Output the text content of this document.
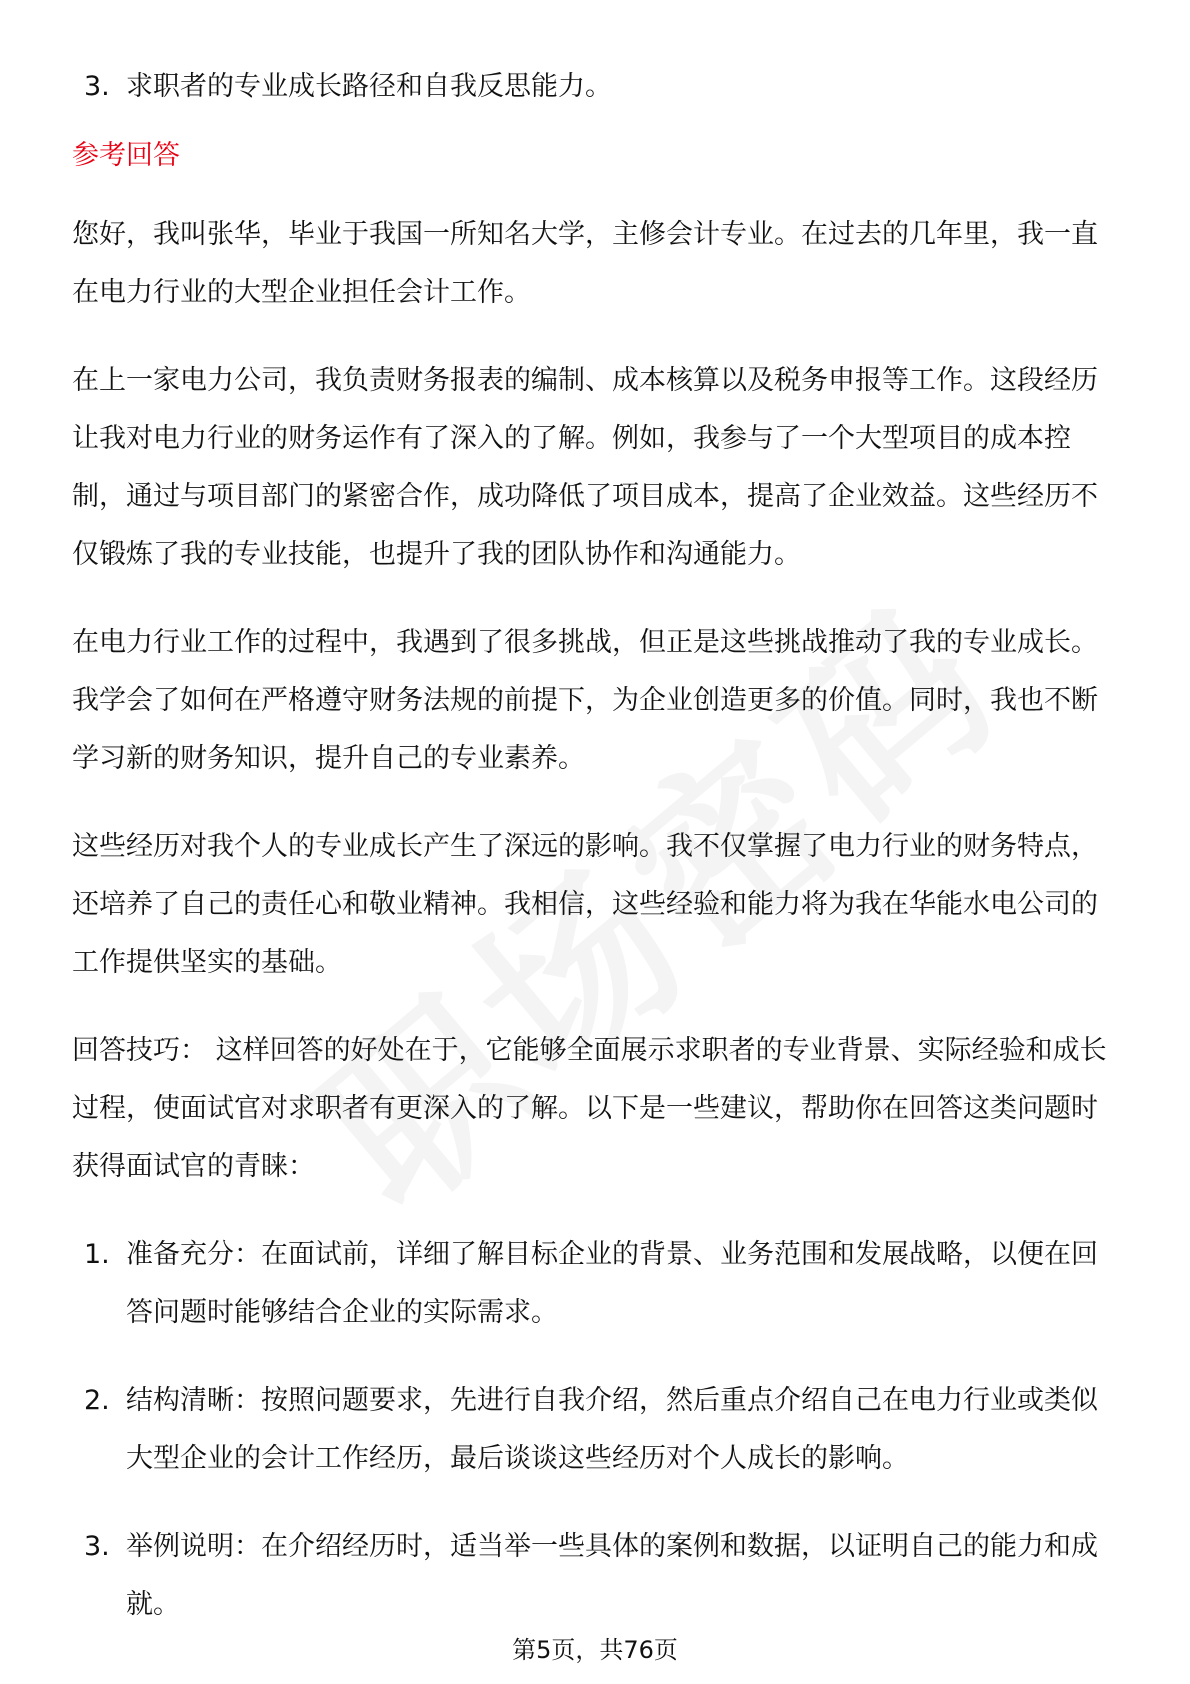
3. 求职者的专业成长路径和自我反思能力。
参考回答

您好，我叫张华，毕业于我国一所知名大学，主修会计专业。在过去的几年里，我一直在电力行业的大型企业担任会计工作。

在上一家电力公司，我负责财务报表的编制、成本核算以及税务申报等工作。这段经历让我对电力行业的财务运作有了深入的了解。例如，我参与了一个大型项目的成本控制，通过与项目部门的紧密合作，成功降低了项目成本，提高了企业效益。这些经历不仅锻炼了我的专业技能，也提升了我的团队协作和沟通能力。

在电力行业工作的过程中，我遇到了很多挑战，但正是这些挑战推动了我的专业成长。我学会了如何在严格遵守财务法规的前提下，为企业创造更多的价值。同时，我也不断学习新的财务知识，提升自己的专业素养。

这些经历对我个人的专业成长产生了深远的影响。我不仅掌握了电力行业的财务特点，还培养了自己的责任心和敬业精神。我相信，这些经验和能力将为我在华能水电公司的工作提供坚实的基础。

回答技巧： 这样回答的好处在于，它能够全面展示求职者的专业背景、实际经验和成长过程，使面试官对求职者有更深入的了解。以下是一些建议，帮助你在回答这类问题时获得面试官的青睐：

1. 准备充分：在面试前，详细了解目标企业的背景、业务范围和发展战略，以便在回答问题时能够结合企业的实际需求。
2. 结构清晰：按照问题要求，先进行自我介绍，然后重点介绍自己在电力行业或类似大型企业的会计工作经历，最后谈谈这些经历对个人成长的影响。
3. 举例说明：在介绍经历时，适当举一些具体的案例和数据，以证明自己的能力和成就。
第5页，共76页
